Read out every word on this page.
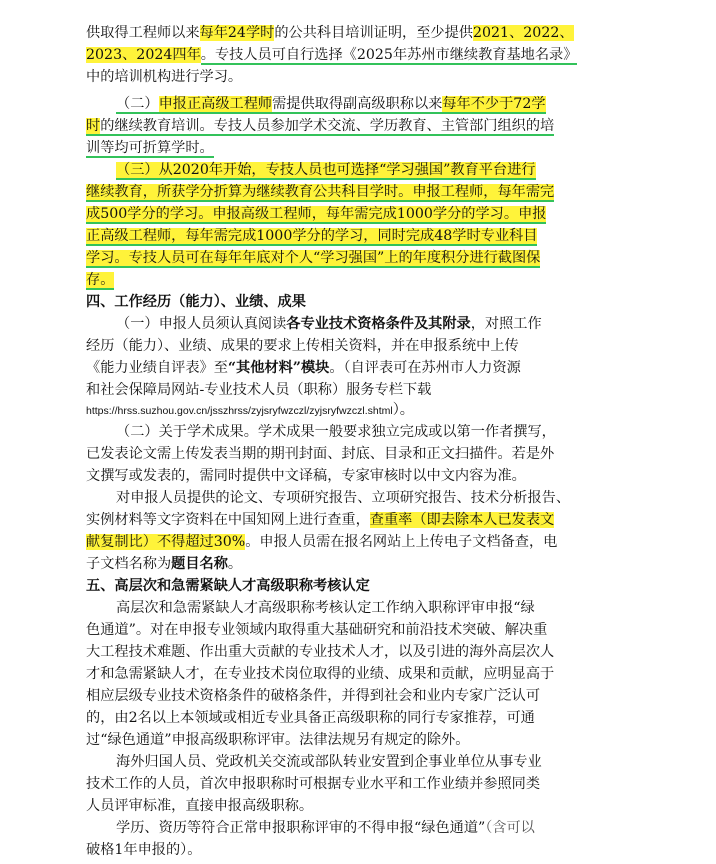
供取得工程师以来每年24学时的公共科目培训证明，至少提供2021、2022、
2023、2024四年。专技人员可自行选择《2025年苏州市继续教育基地名录》
中的培训机构进行学习。
（二）申报正高级工程师需提供取得副高级职称以来每年不少于72学
时的继续教育培训。专技人员参加学术交流、学历教育、主管部门组织的培
训等均可折算学时。
（三）从2020年开始，专技人员也可选择“学习强国”教育平台进行
继续教育，所获学分折算为继续教育公共科目学时。申报工程师，每年需完
成500学分的学习。申报高级工程师，每年需完成1000学分的学习。申报
正高级工程师，每年需完成1000学分的学习，同时完成48学时专业科目
学习。专技人员可在每年年底对个人“学习强国”上的年度积分进行截图保
存。
四、工作经历（能力）、业绩、成果
（一）申报人员须认真阅读各专业技术资格条件及其附录，对照工作
经历（能力）、业绩、成果的要求上传相关资料，并在申报系统中上传
《能力业绩自评表》至“其他材料”模块。（自评表可在苏州市人力资源
和社会保障局网站-专业技术人员（职称）服务专栏下载
https://hrss.suzhou.gov.cn/jsszhrss/zyjsryfwzczl/zyjsryfwzczl.shtml）。
（二）关于学术成果。学术成果一般要求独立完成或以第一作者撰写，
已发表论文需上传发表当期的期刊封面、封底、目录和正文扫描件。若是外
文撰写或发表的，需同时提供中文译稿，专家审核时以中文内容为准。
对申报人员提供的论文、专项研究报告、立项研究报告、技术分析报告、
实例材料等文字资料在中国知网上进行查重，查重率（即去除本人已发表文
献复制比）不得超过30%。申报人员需在报名网站上上传电子文档备查，电
子文档名称为题目名称。
五、高层次和急需紧缺人才高级职称考核认定
高层次和急需紧缺人才高级职称考核认定工作纳入职称评审申报“绿
色通道”。对在申报专业领域内取得重大基础研究和前沿技术突破、解决重
大工程技术难题、作出重大贡献的专业技术人才，以及引进的海外高层次人
才和急需紧缺人才，在专业技术岗位取得的业绩、成果和贡献，应明显高于
相应层级专业技术资格条件的破格条件，并得到社会和业内专家广泛认可
的，由2名以上本领域或相近专业具备正高级职称的同行专家推荐，可通
过“绿色通道”申报高级职称评审。法律法规另有规定的除外。
海外归国人员、党政机关交流或部队转业安置到企事业单位从事专业
技术工作的人员，首次申报职称时可根据专业水平和工作业绩并参照同类
人员评审标准，直接申报高级职称。
学历、资历等符合正常申报职称评审的不得申报“绿色通道”（含可以
破格1年申报的）。
